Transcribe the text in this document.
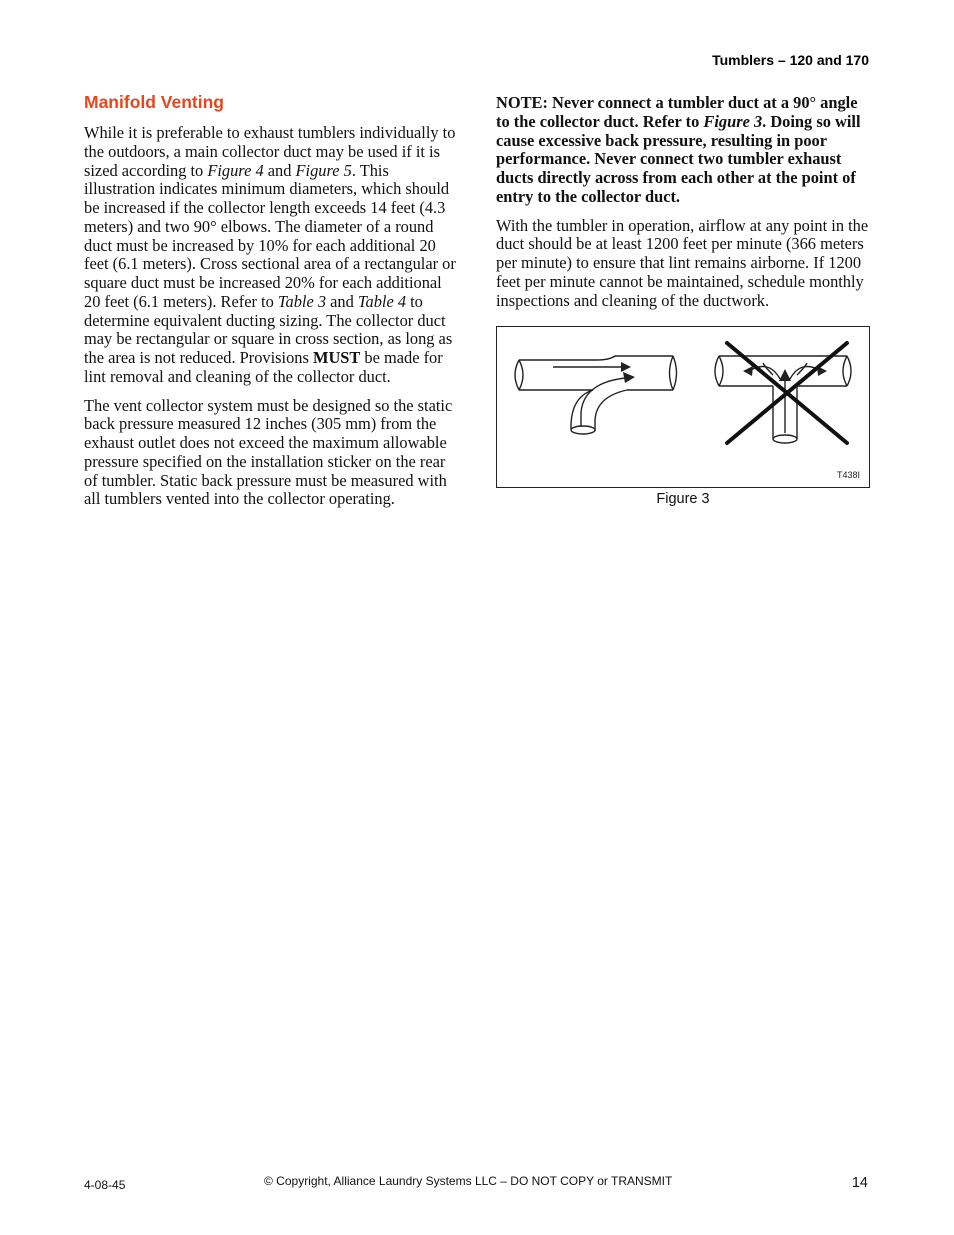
Tumblers – 120 and 170
Manifold Venting

While it is preferable to exhaust tumblers individually to the outdoors, a main collector duct may be used if it is sized according to Figure 4 and Figure 5. This illustration indicates minimum diameters, which should be increased if the collector length exceeds 14 feet (4.3 meters) and two 90° elbows. The diameter of a round duct must be increased by 10% for each additional 20 feet (6.1 meters). Cross sectional area of a rectangular or square duct must be increased 20% for each additional 20 feet (6.1 meters). Refer to Table 3 and Table 4 to determine equivalent ducting sizing. The collector duct may be rectangular or square in cross section, as long as the area is not reduced. Provisions MUST be made for lint removal and cleaning of the collector duct.

The vent collector system must be designed so the static back pressure measured 12 inches (305 mm) from the exhaust outlet does not exceed the maximum allowable pressure specified on the installation sticker on the rear of tumbler. Static back pressure must be measured with all tumblers vented into the collector operating.

NOTE: Never connect a tumbler duct at a 90° angle to the collector duct. Refer to Figure 3. Doing so will cause excessive back pressure, resulting in poor performance. Never connect two tumbler exhaust ducts directly across from each other at the point of entry to the collector duct.

With the tumbler in operation, airflow at any point in the duct should be at least 1200 feet per minute (366 meters per minute) to ensure that lint remains airborne. If 1200 feet per minute cannot be maintained, schedule monthly inspections and cleaning of the ductwork.

T438I
Figure 3
4-08-45	© Copyright, Alliance Laundry Systems LLC – DO NOT COPY or TRANSMIT	14
